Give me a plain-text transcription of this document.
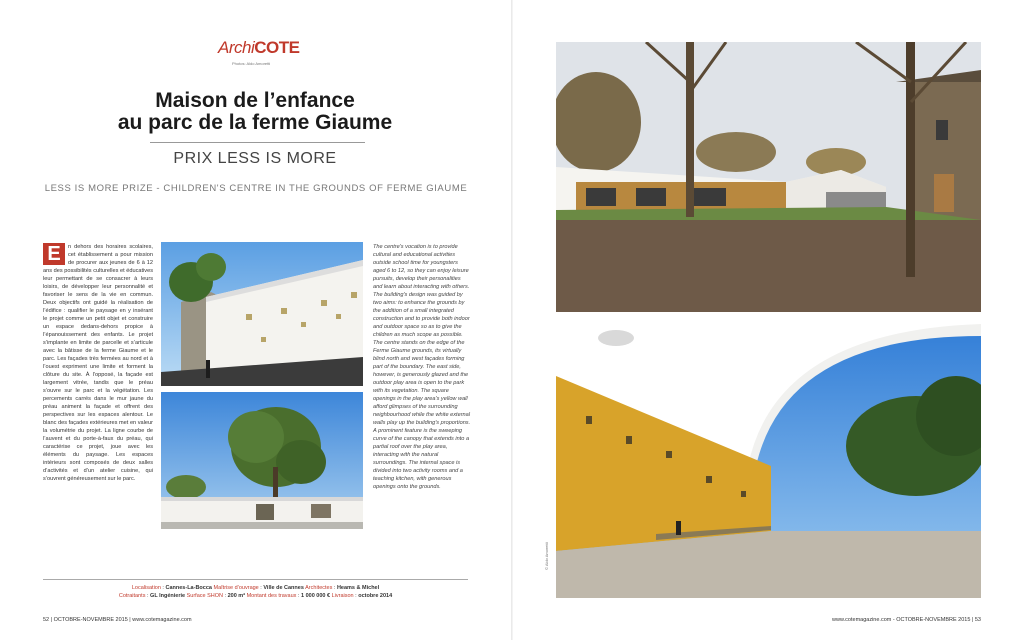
ArchiCOTE
Photos: Aldo Amoretti
Maison de l’enfance
au parc de la ferme Giaume
PRIX LESS IS MORE
LESS IS MORE PRIZE - CHILDREN'S CENTRE IN THE GROUNDS OF FERME GIAUME
E	n dehors des horaires scolaires, cet établissement a pour mission de procurer aux jeunes de 6 à 12 ans des possibilités culturelles et éducatives leur permettant de se consacrer à leurs loisirs, de développer leur personnalité et favoriser le sens de la vie en commun. Deux objectifs ont guidé la réalisation de l’édifice : qualifier le paysage en y insérant le projet comme un petit objet et construire un espace dedans-dehors propice à l’épanouissement des enfants. Le projet s’implante en limite de parcelle et s’articule avec la bâtisse de la ferme Giaume et le parc. Les façades très fermées au nord et à l’ouest expriment une limite et forment la clôture du site. À l’opposé, la façade est largement vitrée, tandis que le préau s’ouvre sur le parc et la végétation. Les percements carrés dans le mur jaune du préau animent la façade et offrent des perspectives sur les espaces alentour. Le blanc des façades extérieures met en valeur la volumétrie du projet. La ligne courbe de l’auvent et du porte-à-faux du préau, qui caractérise ce projet, joue avec les éléments du paysage. Les espaces intérieurs sont composés de deux salles d’activités et d’un atelier cuisine, qui s’ouvrent généreusement sur le parc.
The centre's vocation is to provide cultural and educational activities outside school time for youngsters aged 6 to 12, so they can enjoy leisure pursuits, develop their personalities and learn about interacting with others. The building's design was guided by two aims: to enhance the grounds by the addition of a small integrated construction and to provide both indoor and outdoor space so as to give the children as much scope as possible. The centre stands on the edge of the Ferme Giaume grounds, its virtually blind north and west façades forming part of the boundary. The east side, however, is generously glazed and the outdoor play area is open to the park with its vegetation. The square openings in the play area's yellow wall afford glimpses of the surrounding neighbourhood while the white external walls play up the building's proportions. A prominent feature is the sweeping curve of the canopy that extends into a partial roof over the play area, interacting with the natural surroundings. The internal space is divided into two activity rooms and a teaching kitchen, with generous openings onto the grounds.
Localisation : Cannes-La-Bocca Maîtrise d’ouvrage : Ville de Cannes Architectes : Heams & Michel
Cotraitants : GL Ingénierie Surface SHON : 200 m² Montant des travaux : 1 000 000 € Livraison : octobre 2014
52 | OCTOBRE-NOVEMBRE 2015 | www.cotemagazine.com
© Aldo Amoretti
www.cotemagazine.com - OCTOBRE-NOVEMBRE 2015 | 53
